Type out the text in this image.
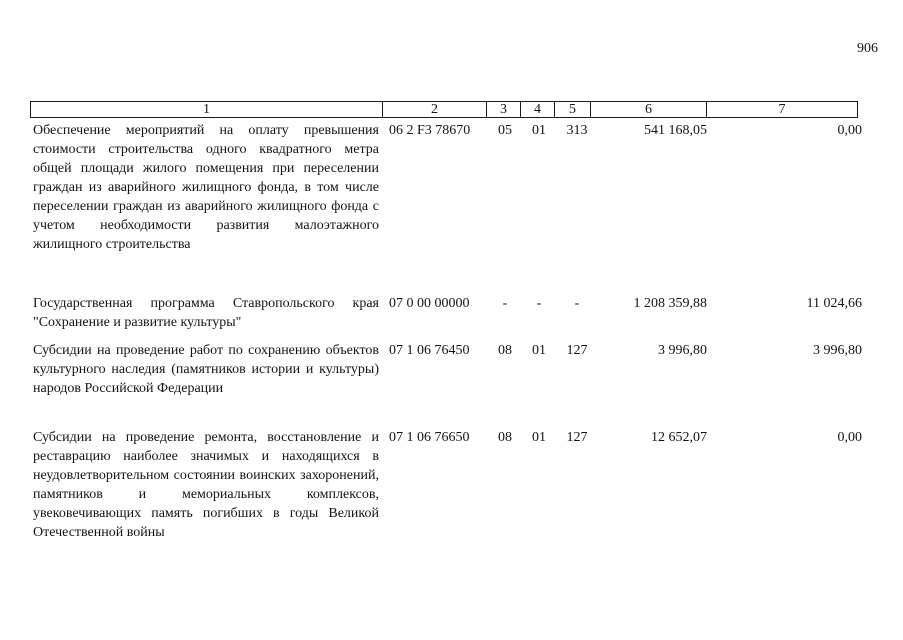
906
1	2	3	4	5	6	7
Обеспечение мероприятий на оплату превышения стоимости строительства одного квадратного метра общей площади жилого помещения при переселении граждан из аварийного жилищного фонда, в том числе переселении граждан из аварийного жилищного фонда с учетом необходимости развития малоэтажного жилищного строительства
06 2 F3 78670	05	01	313	541 168,05	0,00
Государственная программа Ставропольского края "Сохранение и развитие культуры"
07 0 00 00000	-	-	-	1 208 359,88	11 024,66
Субсидии на проведение работ по сохранению объектов культурного наследия (памятников истории и культуры) народов Российской Федерации
07 1 06 76450	08	01	127	3 996,80	3 996,80
Субсидии на проведение ремонта, восстановление и реставрацию наиболее значимых и находящихся в неудовлетворительном состоянии воинских захоронений, памятников и мемориальных комплексов, увековечивающих память погибших в годы Великой Отечественной войны
07 1 06 76650	08	01	127	12 652,07	0,00
